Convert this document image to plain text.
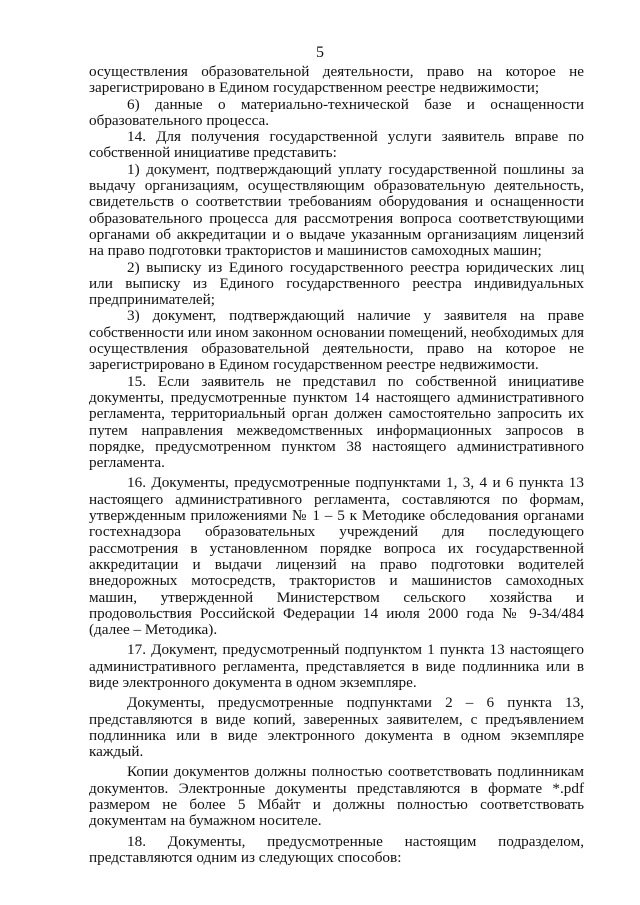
5

осуществления образовательной деятельности, право на которое не зарегистрировано в Едином государственном реестре недвижимости;

6) данные о материально-технической базе и оснащенности образовательного процесса.

14. Для получения государственной услуги заявитель вправе по собственной инициативе представить:

1) документ, подтверждающий уплату государственной пошлины за выдачу организациям, осуществляющим образовательную деятельность, свидетельств о соответствии требованиям оборудования и оснащенности образовательного процесса для рассмотрения вопроса соответствующими органами об аккредитации и о выдаче указанным организациям лицензий на право подготовки трактористов и машинистов самоходных машин;

2) выписку из Единого государственного реестра юридических лиц или выписку из Единого государственного реестра индивидуальных предпринимателей;

3) документ, подтверждающий наличие у заявителя на праве собственности или ином законном основании помещений, необходимых для осуществления образовательной деятельности, право на которое не зарегистрировано в Едином государственном реестре недвижимости.

15. Если заявитель не представил по собственной инициативе документы, предусмотренные пунктом 14 настоящего административного регламента, территориальный орган должен самостоятельно запросить их путем направления межведомственных информационных запросов в порядке, предусмотренном пунктом 38 настоящего административного регламента.

16. Документы, предусмотренные подпунктами 1, 3, 4 и 6 пункта 13 настоящего административного регламента, составляются по формам, утвержденным приложениями № 1 – 5 к Методике обследования органами гостехнадзора образовательных учреждений для последующего рассмотрения в установленном порядке вопроса их государственной аккредитации и выдачи лицензий на право подготовки водителей внедорожных мотосредств, трактористов и машинистов самоходных машин, утвержденной Министерством сельского хозяйства и продовольствия Российской Федерации 14 июля 2000 года № 9-34/484 (далее – Методика).

17. Документ, предусмотренный подпунктом 1 пункта 13 настоящего административного регламента, представляется в виде подлинника или в виде электронного документа в одном экземпляре.

Документы, предусмотренные подпунктами 2 – 6 пункта 13, представляются в виде копий, заверенных заявителем, с предъявлением подлинника или в виде электронного документа в одном экземпляре каждый.

Копии документов должны полностью соответствовать подлинникам документов. Электронные документы представляются в формате *.pdf размером не более 5 Мбайт и должны полностью соответствовать документам на бумажном носителе.

18. Документы, предусмотренные настоящим подразделом, представляются одним из следующих способов:
